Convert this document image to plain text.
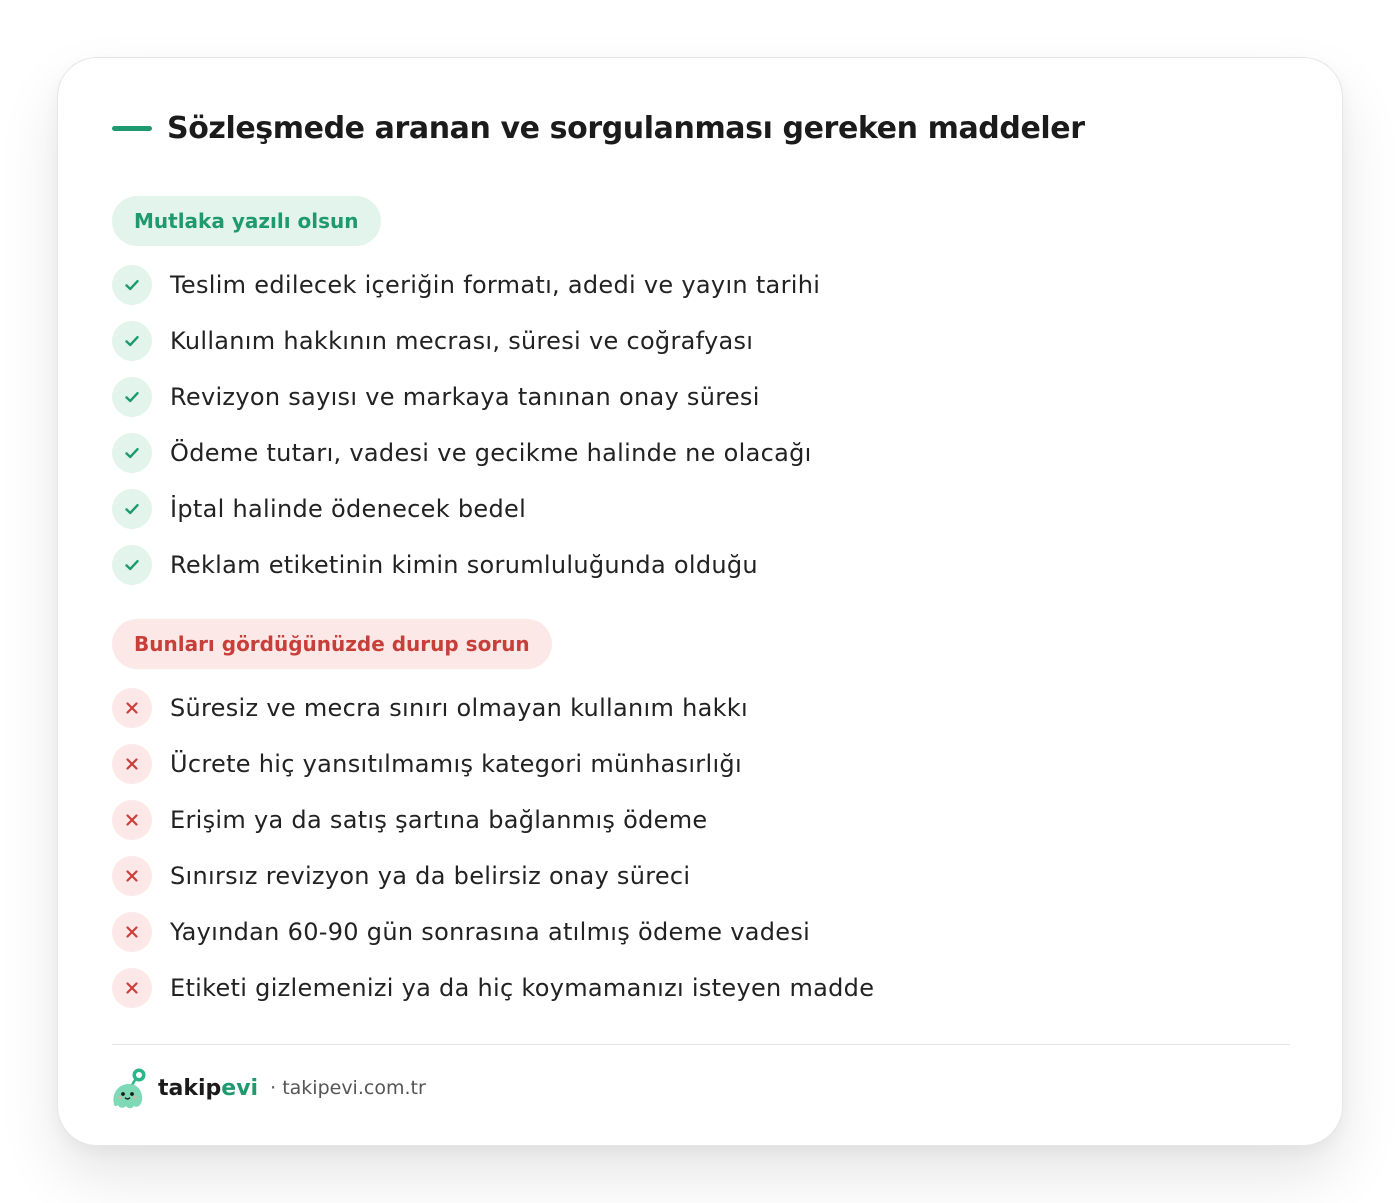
Sözleşmede aranan ve sorgulanması gereken maddeler
Mutlaka yazılı olsun
Teslim edilecek içeriğin formatı, adedi ve yayın tarihi
Kullanım hakkının mecrası, süresi ve coğrafyası
Revizyon sayısı ve markaya tanınan onay süresi
Ödeme tutarı, vadesi ve gecikme halinde ne olacağı
İptal halinde ödenecek bedel
Reklam etiketinin kimin sorumluluğunda olduğu
Bunları gördüğünüzde durup sorun
Süresiz ve mecra sınırı olmayan kullanım hakkı
Ücrete hiç yansıtılmamış kategori münhasırlığı
Erişim ya da satış şartına bağlanmış ödeme
Sınırsız revizyon ya da belirsiz onay süreci
Yayından 60-90 gün sonrasına atılmış ödeme vadesi
Etiketi gizlemenizi ya da hiç koymamanızı isteyen madde
takip evi · takipevi.com.tr
